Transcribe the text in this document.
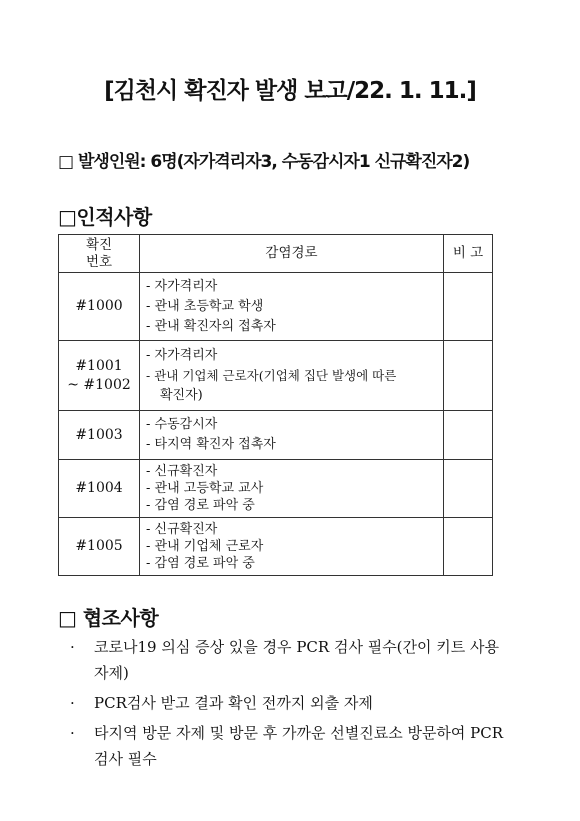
[김천시 확진자 발생 보고/22. 1. 11.]
□ 발생인원: 6명(자가격리자3, 수동감시자1 신규확진자2)
□인적사항
확진
번호	감염경로	비 고
#1000	- 자가격리자
- 관내 초등학교 학생
- 관내 확진자의 접촉자	

#1001
~ #1002	- 자가격리자
- 관내 기업체 근로자(기업체 집단 발생에 따른
확진자)	

#1003	- 수동감시자
- 타지역 확진자 접촉자	

#1004	- 신규확진자
- 관내 고등학교 교사
- 감염 경로 파악 중	

#1005	- 신규확진자
- 관내 기업체 근로자
- 감염 경로 파악 중	

□ 협조사항
· 코로나19 의심 증상 있을 경우 PCR 검사 필수(간이 키트 사용 자제)
· PCR검사 받고 결과 확인 전까지 외출 자제
· 타지역 방문 자제 및 방문 후 가까운 선별진료소 방문하여 PCR 검사 필수
